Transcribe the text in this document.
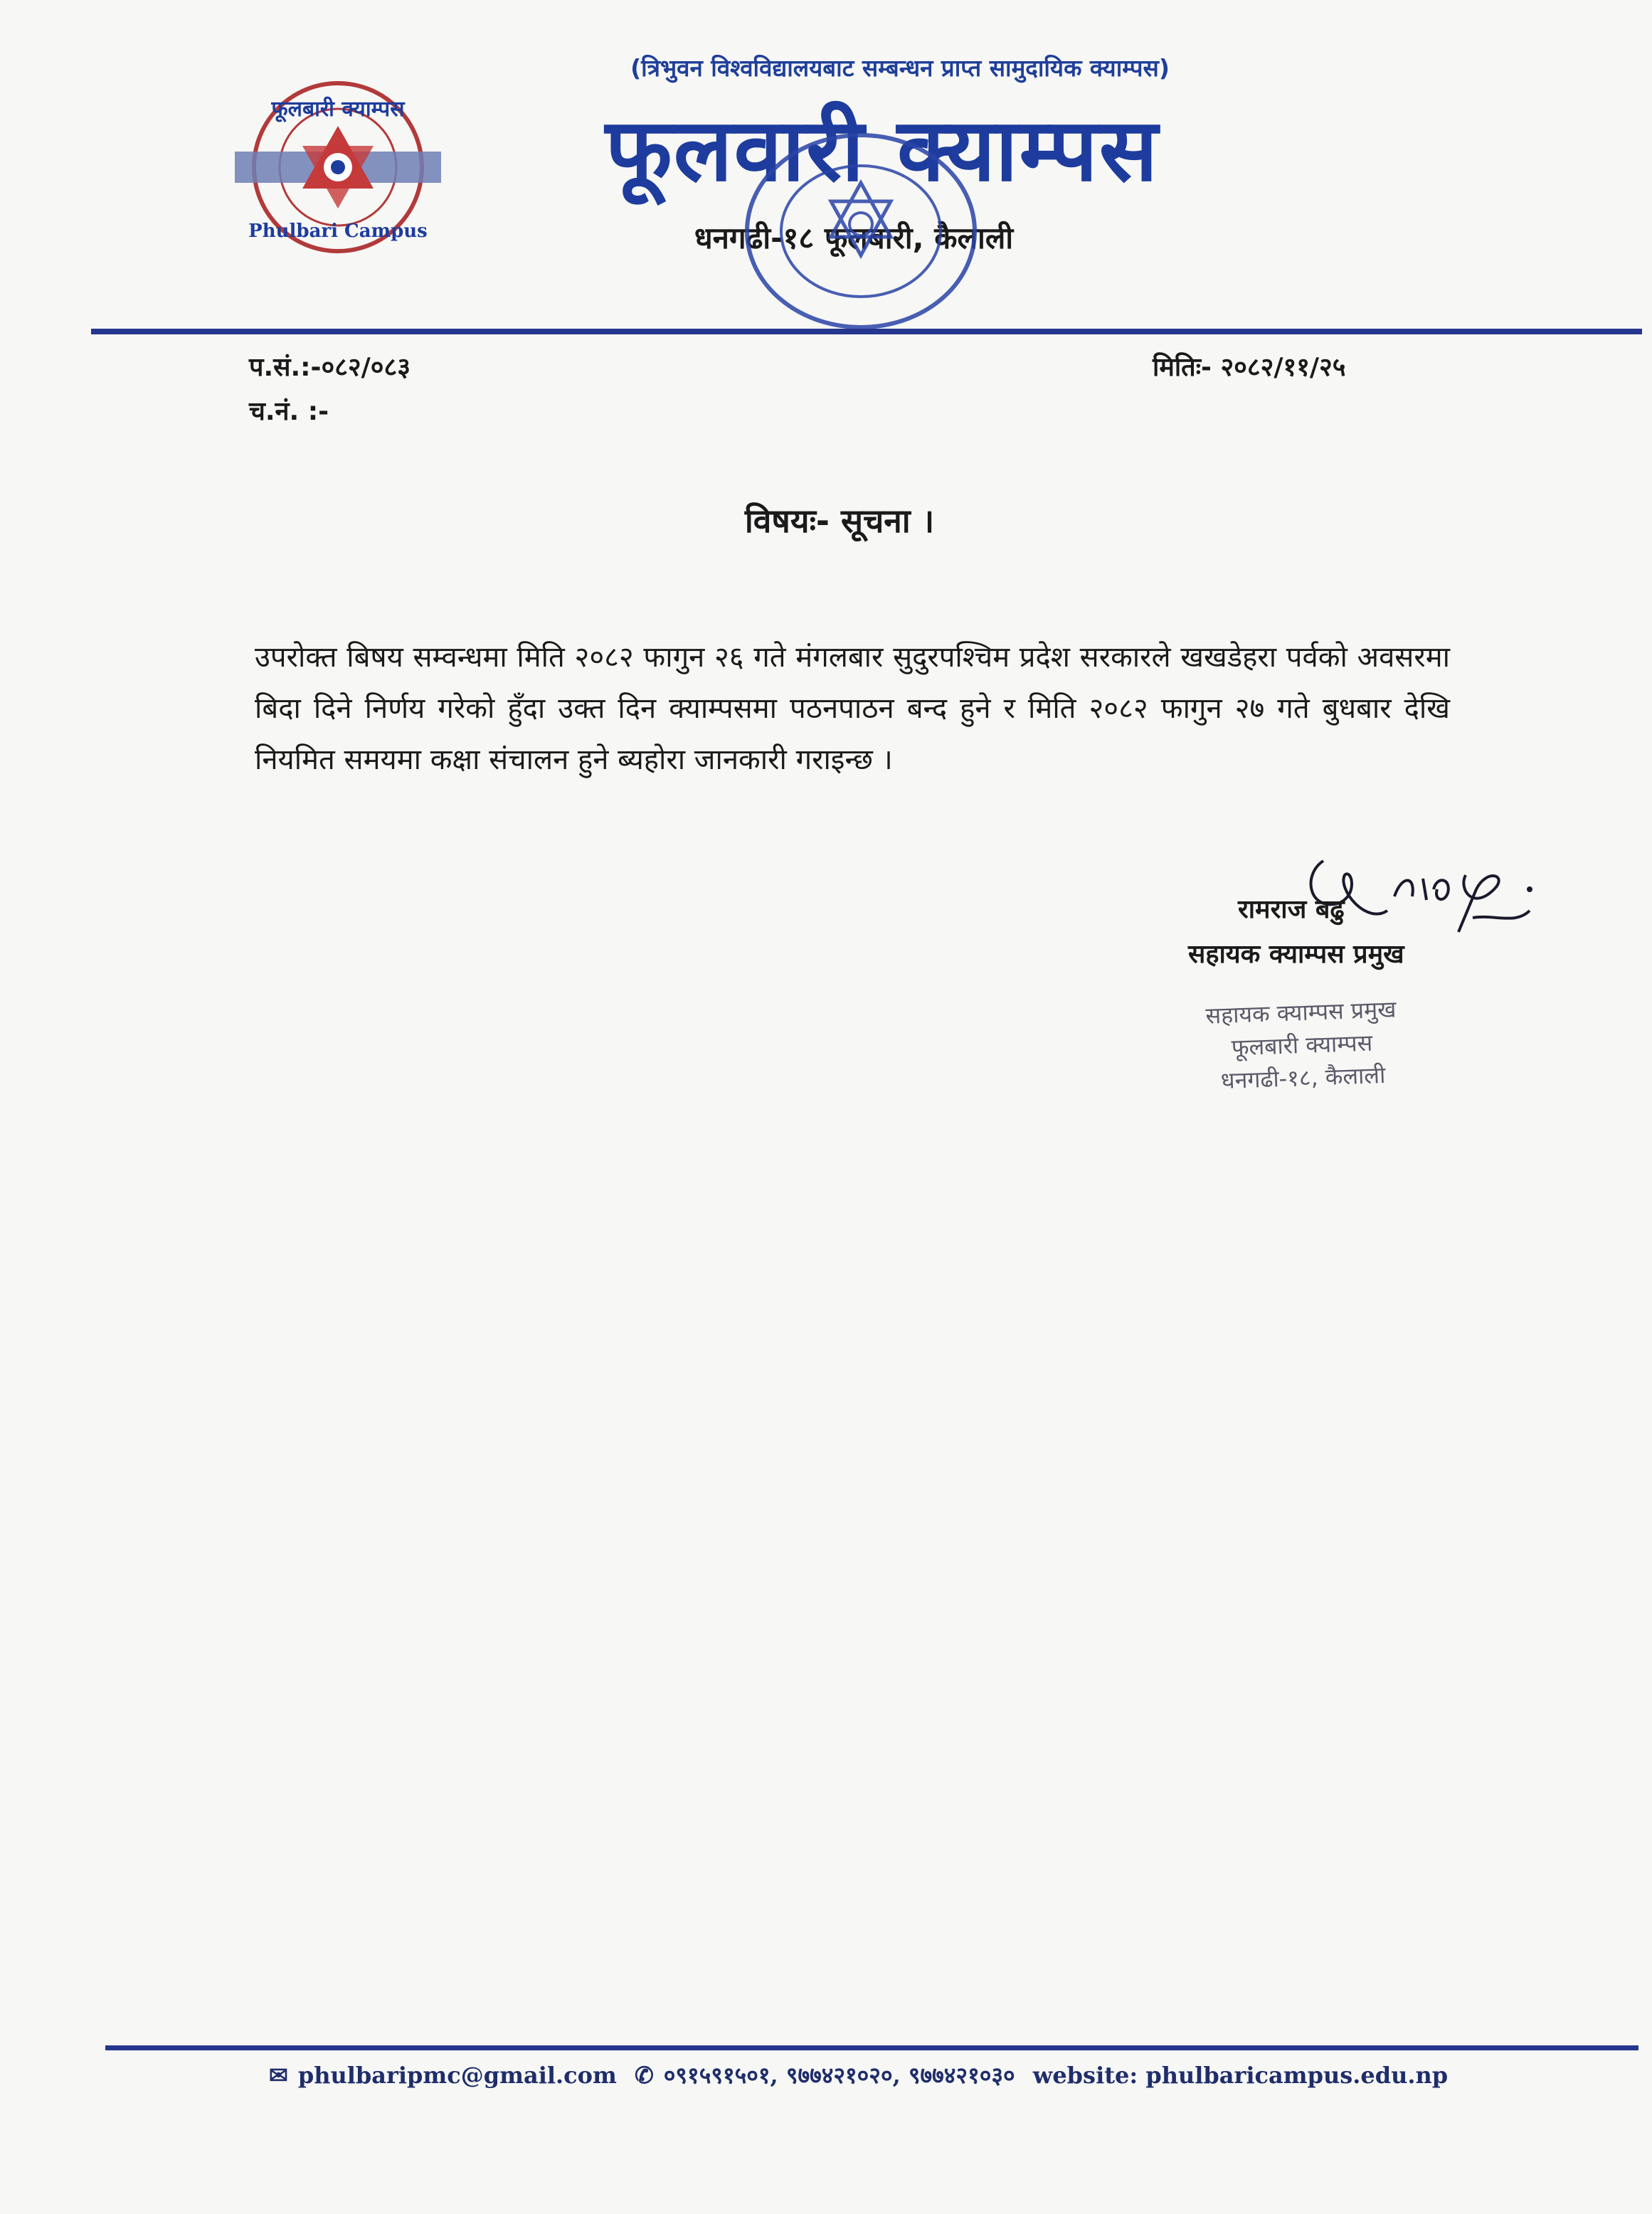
(त्रिभुवन विश्वविद्यालयबाट सम्बन्धन प्राप्त सामुदायिक क्याम्पस)
फूलबारी क्याम्पस
Phulbari Campus
फूलवारी क्याम्पस
धनगढी-१८ फूलबारी, कैलाली
प.सं.:-०८२/०८३
च.नं. :-
मितिः- २०८२/११/२५
विषयः- सूचना ।
उपरोक्त बिषय सम्वन्धमा मिति २०८२ फागुन २६ गते मंगलबार सुदुरपश्चिम प्रदेश सरकारले खखडेहरा पर्वको अवसरमा बिदा दिने निर्णय गरेको हुँदा उक्त दिन क्याम्पसमा पठनपाठन बन्द हुने र मिति २०८२ फागुन २७ गते बुधबार देखि नियमित समयमा कक्षा संचालन हुने ब्यहोरा जानकारी गराइन्छ ।
रामराज बढु
सहायक क्याम्पस प्रमुख
सहायक क्याम्पस प्रमुख
फूलबारी क्याम्पस
धनगढी-१८, कैलाली
✉ phulbaripmc@gmail.com ✆ ०९१५९१५०१, ९७७४२१०२०, ९७७४२१०३० website: phulbaricampus.edu.np
